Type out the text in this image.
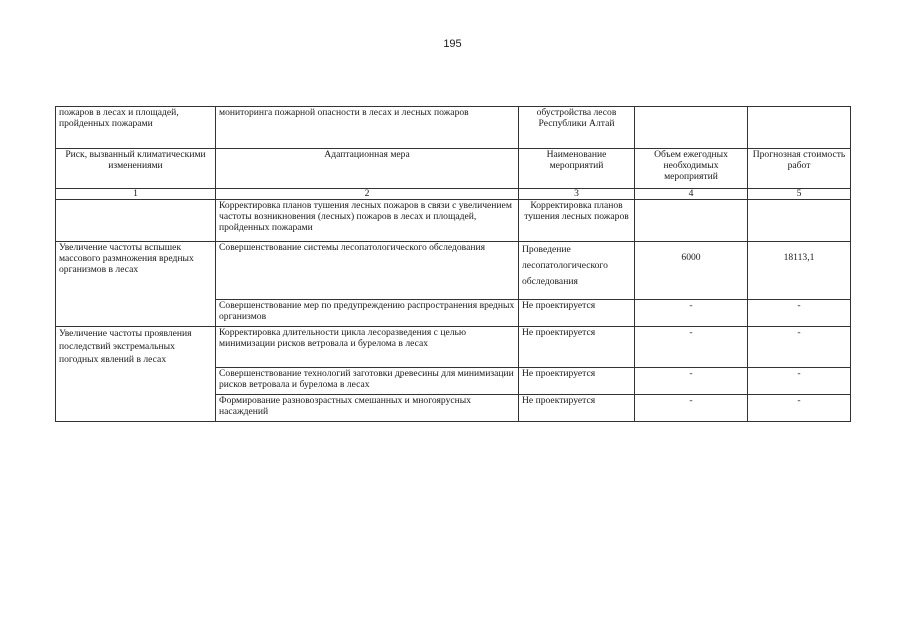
195
пожаров в лесах и площадей, пройденных пожарами	мониторинга пожарной опасности в лесах и лесных пожаров	обустройства лесов Республики Алтай		
Риск, вызванный климатическими изменениями	Адаптационная мера	Наименование мероприятий	Объем ежегодных необходимых мероприятий	Прогнозная стоимость работ
1	2	3	4	5
	Корректировка планов тушения лесных пожаров в связи с увеличением частоты возникновения (лесных) пожаров в лесах и площадей, пройденных пожарами	Корректировка планов тушения лесных пожаров		
Увеличение частоты вспышек массового размножения вредных организмов в лесах	Совершенствование системы лесопатологического обследования	Проведение лесопатологического обследования	6000	18113,1
	Совершенствование мер по предупреждению распространения вредных организмов	Не проектируется	-	-
Увеличение частоты проявления последствий экстремальных погодных явлений в лесах	Корректировка длительности цикла лесоразведения с целью минимизации рисков ветровала и бурелома в лесах	Не проектируется	-	-
	Совершенствование технологий заготовки древесины для минимизации рисков ветровала и бурелома в лесах	Не проектируется	-	-
	Формирование разновозрастных смешанных и многоярусных насаждений	Не проектируется	-	-
